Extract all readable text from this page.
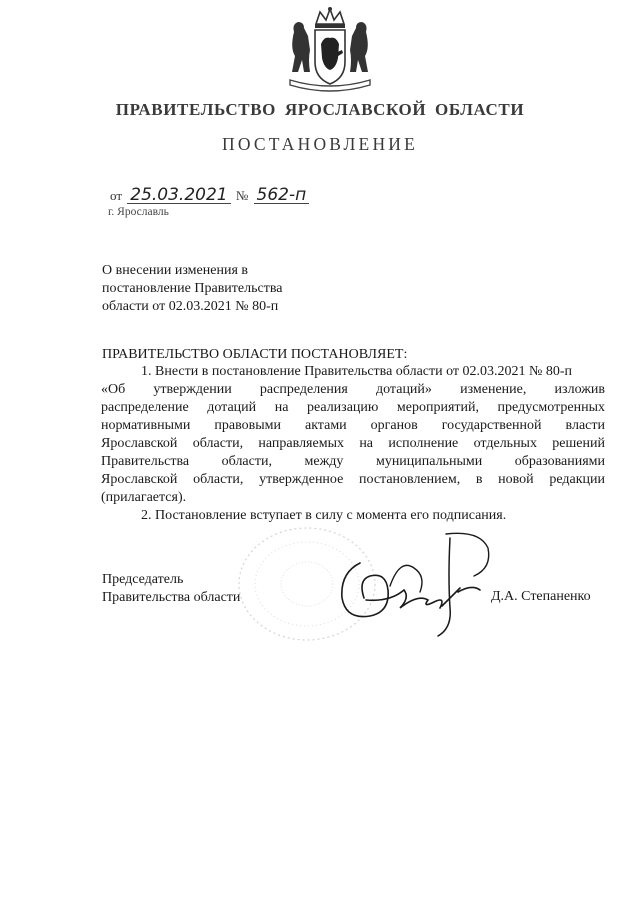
ПРАВИТЕЛЬСТВО ЯРОСЛАВСКОЙ ОБЛАСТИ
ПОСТАНОВЛЕНИЕ
от 25.03.2021 № 562-п
г. Ярославль
О внесении изменения в
постановление Правительства
области от 02.03.2021 № 80-п
ПРАВИТЕЛЬСТВО ОБЛАСТИ ПОСТАНОВЛЯЕТ:
1. Внести в постановление Правительства области от 02.03.2021 № 80-п
«Об утверждении распределения дотаций» изменение, изложив
распределение дотаций на реализацию мероприятий, предусмотренных
нормативными правовыми актами органов государственной власти
Ярославской области, направляемых на исполнение отдельных решений
Правительства области, между муниципальными образованиями
Ярославской области, утвержденное постановлением, в новой редакции
(прилагается).
2. Постановление вступает в силу с момента его подписания.
Председатель
Правительства области	Д.А. Степаненко
